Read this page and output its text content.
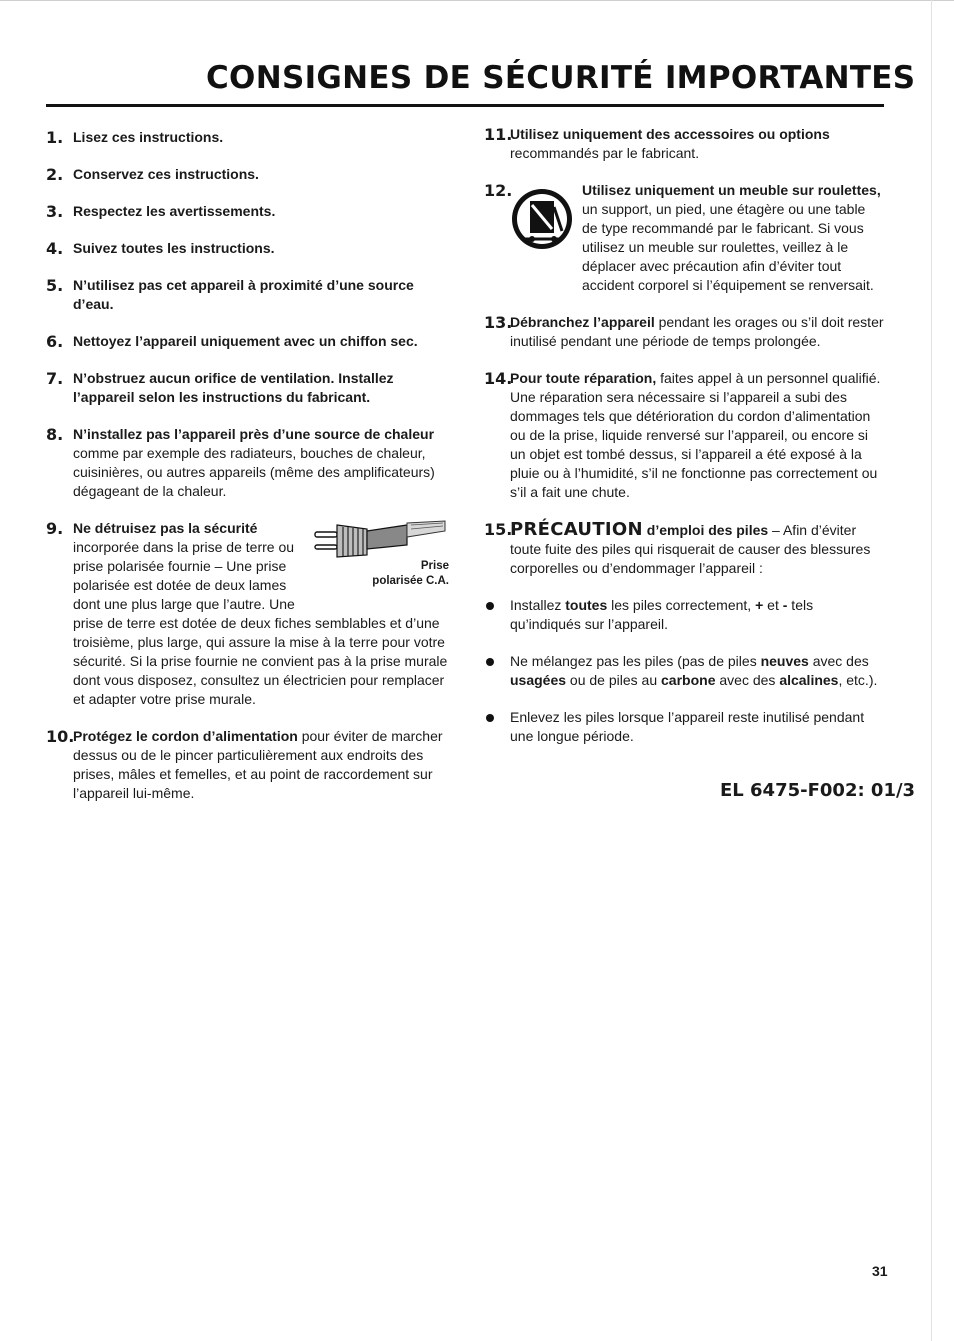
CONSIGNES DE SÉCURITÉ IMPORTANTES
1. Lisez ces instructions.
2. Conservez ces instructions.
3. Respectez les avertissements.
4. Suivez toutes les instructions.
5. N’utilisez pas cet appareil à proximité d’une source d’eau.
6. Nettoyez l’appareil uniquement avec un chiffon sec.
7. N’obstruez aucun orifice de ventilation. Installez l’appareil selon les instructions du fabricant.
8. N’installez pas l’appareil près d’une source de chaleur comme par exemple des radiateurs, bouches de chaleur, cuisinières, ou autres appareils (même des amplificateurs) dégageant de la chaleur.
9.
Prise
polarisée C.A.
Ne détruisez pas la sécurité incorporée dans la prise de terre ou prise polarisée fournie – Une prise polarisée est dotée de deux lames dont une plus large que l’autre. Une prise de terre est dotée de deux fiches semblables et d’une troisième, plus large, qui assure la mise à la terre pour votre sécurité. Si la prise fournie ne convient pas à la prise murale dont vous disposez, consultez un électricien pour remplacer et adapter votre prise murale.
10.
Protégez le cordon d’alimentation pour éviter de marcher dessus ou de le pincer particulièrement aux endroits des prises, mâles et femelles, et au point de raccordement sur l’appareil lui-même.
11.
Utilisez uniquement des accessoires ou options recommandés par le fabricant.
12.	Utilisez uniquement un meuble sur roulettes, un support, un pied, une étagère ou une table de type recommandé par le fabricant. Si vous utilisez un meuble sur roulettes, veillez à le déplacer avec précaution afin d’éviter tout accident corporel si l’équipement se renversait.
13.
Débranchez l’appareil pendant les orages ou s’il doit rester inutilisé pendant une période de temps prolongée.
14.
Pour toute réparation, faites appel à un personnel qualifié. Une réparation sera nécessaire si l’appareil a subi des dommages tels que détérioration du cordon d’alimentation ou de la prise, liquide renversé sur l’appareil, ou encore si un objet est tombé dessus, si l’appareil a été exposé à la pluie ou à l’humidité, s’il ne fonctionne pas correctement ou s’il a fait une chute.
15.
PRÉCAUTION d’emploi des piles – Afin d’éviter toute fuite des piles qui risquerait de causer des blessures corporelles ou d’endommager l’appareil :
Installez toutes les piles correctement, + et - tels qu’indiqués sur l’appareil.
Ne mélangez pas les piles (pas de piles neuves avec des usagées ou de piles au carbone avec des alcalines, etc.).
Enlevez les piles lorsque l’appareil reste inutilisé pendant une longue période.
EL 6475-F002: 01/3
31
